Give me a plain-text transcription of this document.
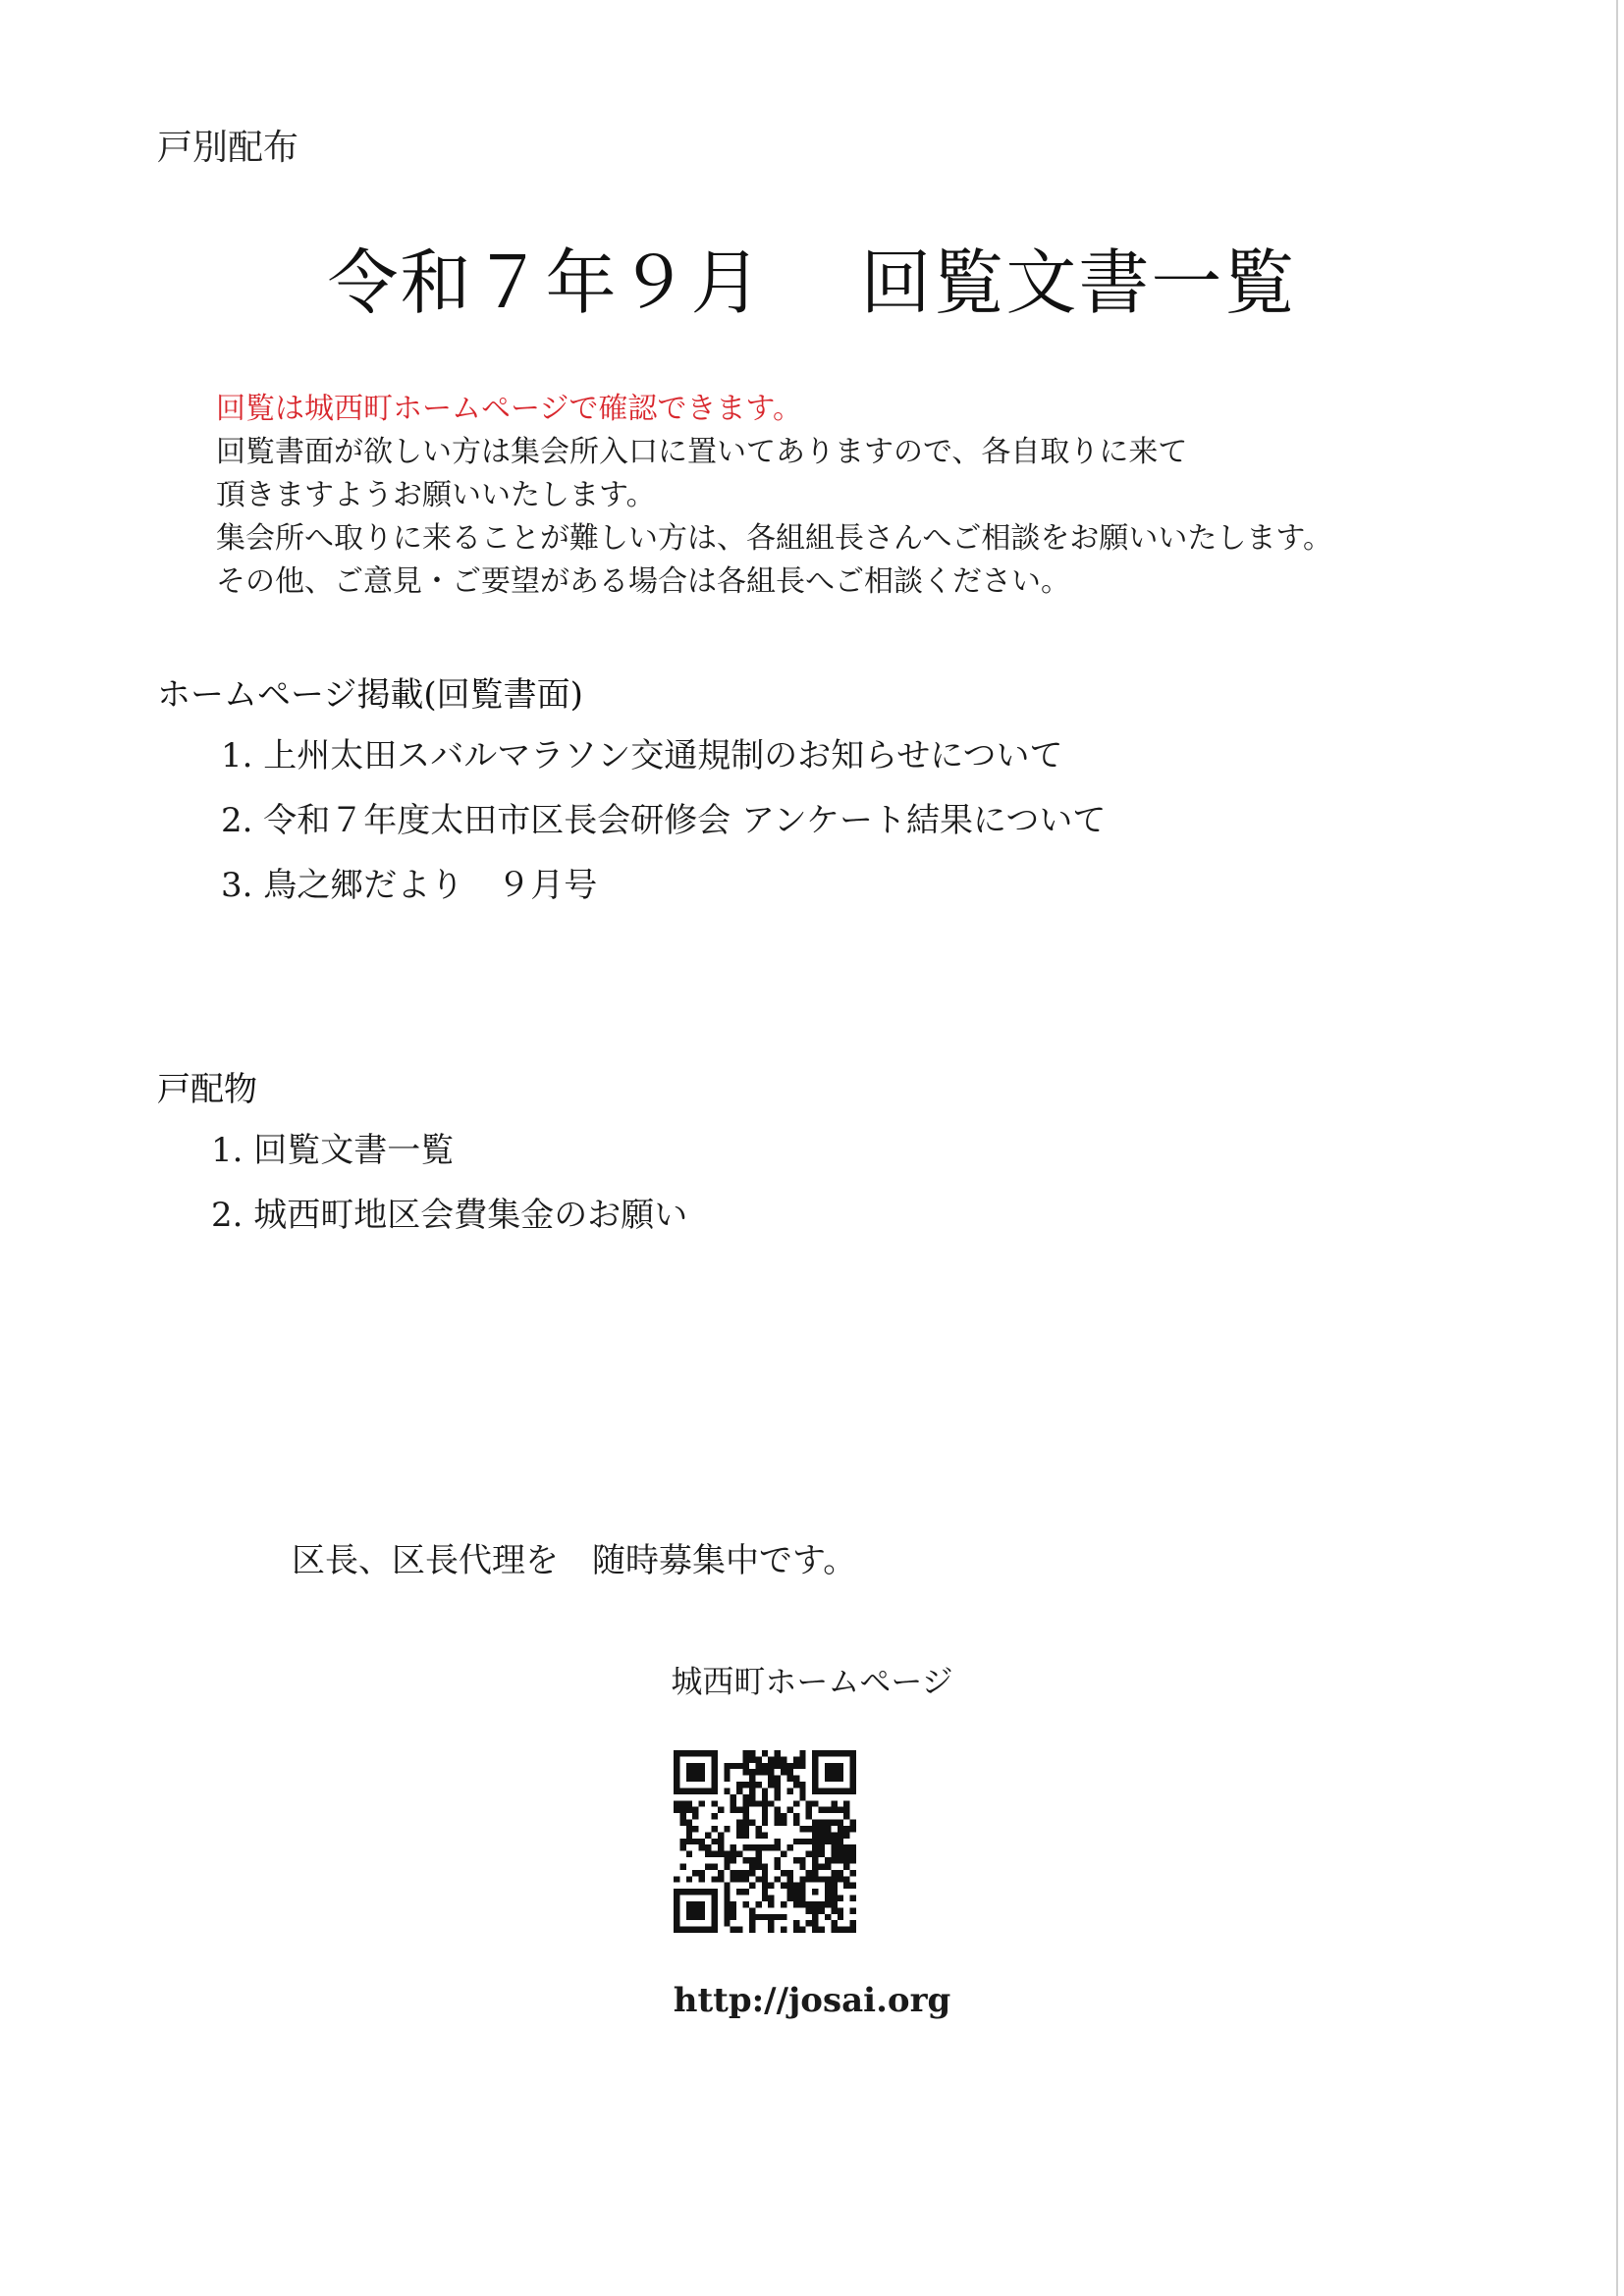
戸別配布
令和７年９月　 回覧文書一覧
回覧は城西町ホームページで確認できます。
回覧書面が欲しい方は集会所入口に置いてありますので、各自取りに来て
頂きますようお願いいたします。
集会所へ取りに来ることが難しい方は、各組組長さんへご相談をお願いいたします。
その他、ご意見・ご要望がある場合は各組長へご相談ください。
ホームページ掲載(回覧書面)
1. 上州太田スバルマラソン交通規制のお知らせについて
2. 令和７年度太田市区長会研修会 アンケート結果について
3. 鳥之郷だより　９月号
戸配物
1. 回覧文書一覧
2. 城西町地区会費集金のお願い
区長、区長代理を　随時募集中です。
城西町ホームページ
http://josai.org
